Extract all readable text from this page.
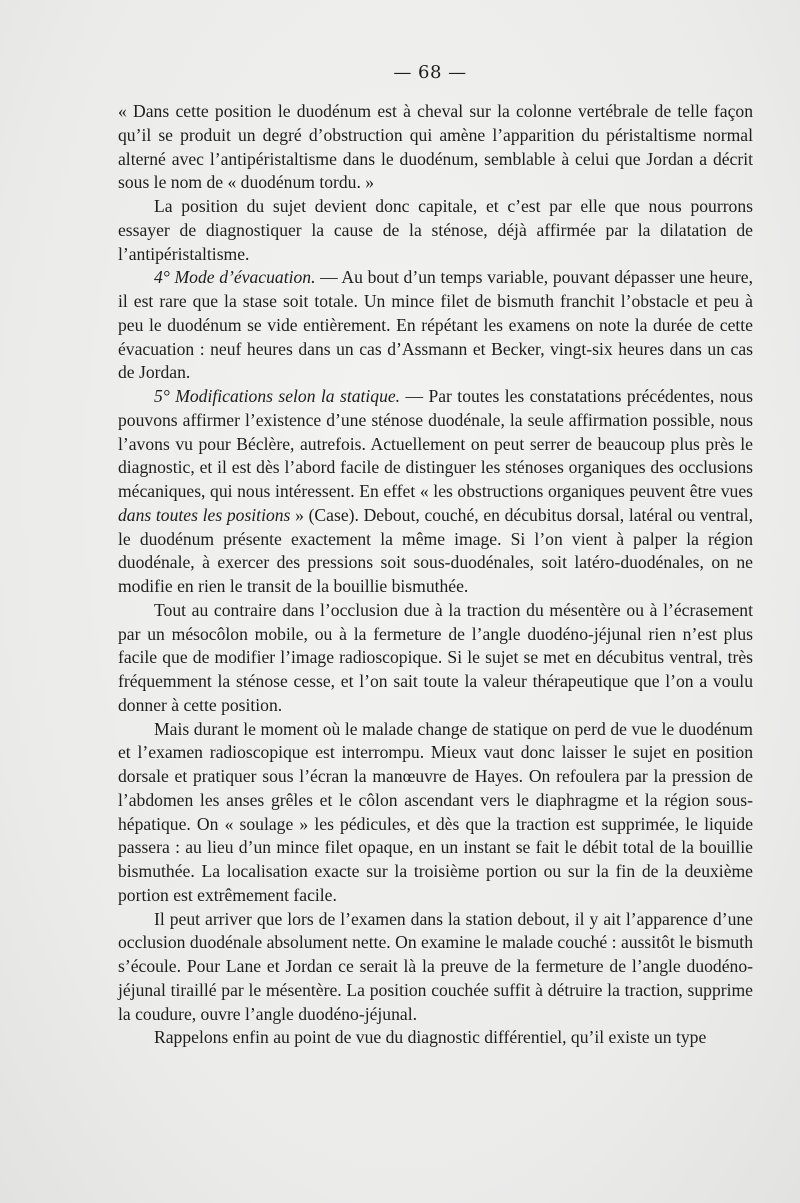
— 68 —

« Dans cette position le duodénum est à cheval sur la colonne vertébrale de telle façon qu’il se produit un degré d’obstruction qui amène l’apparition du péristaltisme normal alterné avec l’antipéristaltisme dans le duodénum, semblable à celui que Jordan a décrit sous le nom de « duodénum tordu. »

La position du sujet devient donc capitale, et c’est par elle que nous pourrons essayer de diagnostiquer la cause de la sténose, déjà affirmée par la dilatation de l’antipéristaltisme.

4° Mode d’évacuation. — Au bout d’un temps variable, pouvant dépasser une heure, il est rare que la stase soit totale. Un mince filet de bismuth franchit l’obstacle et peu à peu le duodénum se vide entièrement. En répétant les examens on note la durée de cette évacuation : neuf heures dans un cas d’Assmann et Becker, vingt-six heures dans un cas de Jordan.

5° Modifications selon la statique. — Par toutes les constatations précédentes, nous pouvons affirmer l’existence d’une sténose duodénale, la seule affirmation possible, nous l’avons vu pour Béclère, autrefois. Actuellement on peut serrer de beaucoup plus près le diagnostic, et il est dès l’abord facile de distinguer les sténoses organiques des occlusions mécaniques, qui nous intéressent. En effet « les obstructions organiques peuvent être vues dans toutes les positions » (Case). Debout, couché, en décubitus dorsal, latéral ou ventral, le duodénum présente exactement la même image. Si l’on vient à palper la région duodénale, à exercer des pressions soit sous-duodénales, soit latéro-duodénales, on ne modifie en rien le transit de la bouillie bismuthée.

Tout au contraire dans l’occlusion due à la traction du mésentère ou à l’écrasement par un mésocôlon mobile, ou à la fermeture de l’angle duodéno-jéjunal rien n’est plus facile que de modifier l’image radioscopique. Si le sujet se met en décubitus ventral, très fréquemment la sténose cesse, et l’on sait toute la valeur thérapeutique que l’on a voulu donner à cette position.

Mais durant le moment où le malade change de statique on perd de vue le duodénum et l’examen radioscopique est interrompu. Mieux vaut donc laisser le sujet en position dorsale et pratiquer sous l’écran la manœuvre de Hayes. On refoulera par la pression de l’abdomen les anses grêles et le côlon ascendant vers le diaphragme et la région sous-hépatique. On « soulage » les pédicules, et dès que la traction est supprimée, le liquide passera : au lieu d’un mince filet opaque, en un instant se fait le débit total de la bouillie bismuthée. La localisation exacte sur la troisième portion ou sur la fin de la deuxième portion est extrêmement facile.

Il peut arriver que lors de l’examen dans la station debout, il y ait l’apparence d’une occlusion duodénale absolument nette. On examine le malade couché : aussitôt le bismuth s’écoule. Pour Lane et Jordan ce serait là la preuve de la fermeture de l’angle duodéno-jéjunal tiraillé par le mésentère. La position couchée suffit à détruire la traction, supprime la coudure, ouvre l’angle duodéno-jéjunal.

Rappelons enfin au point de vue du diagnostic différentiel, qu’il existe un type
